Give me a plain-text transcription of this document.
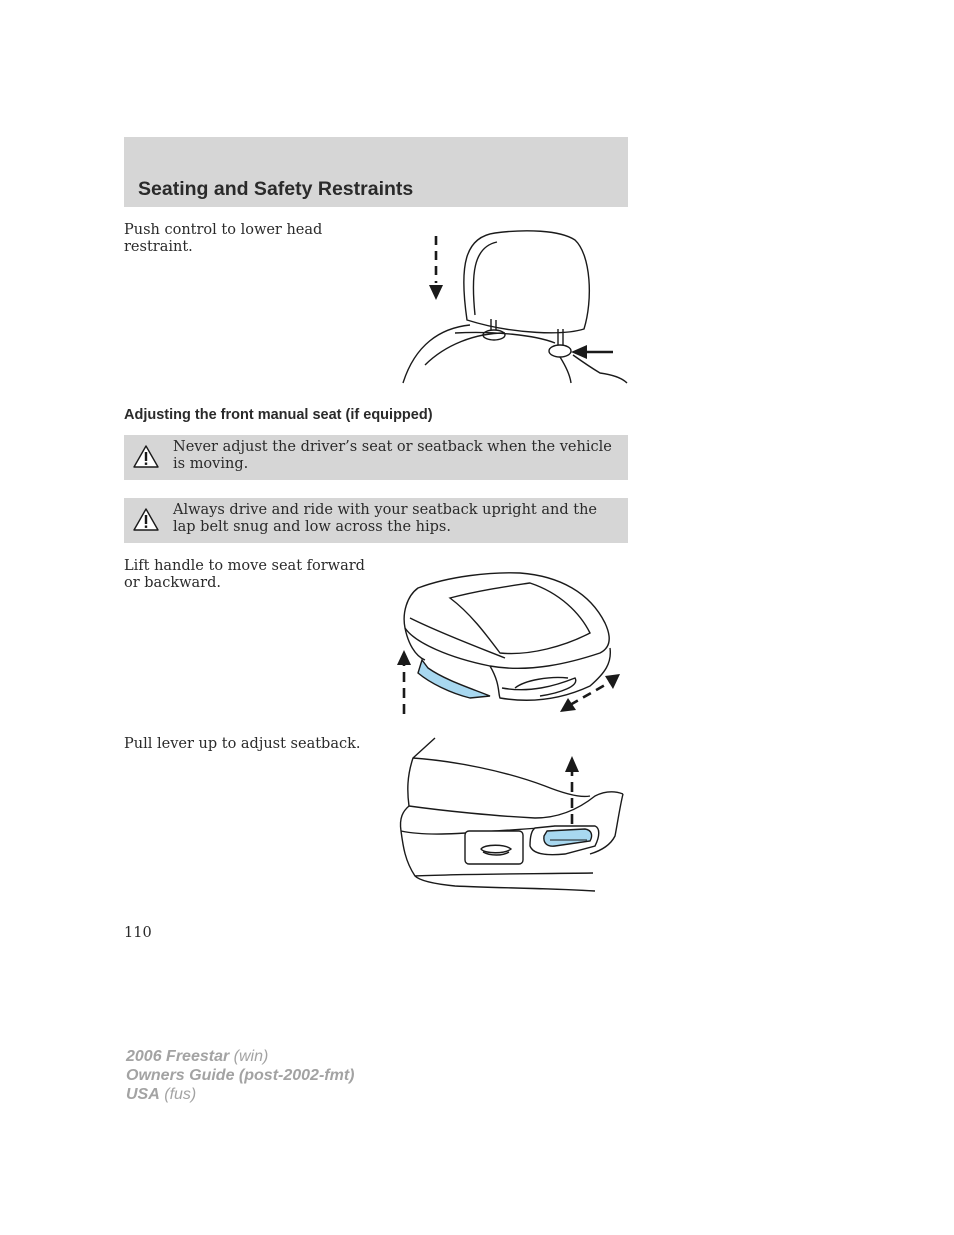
Seating and Safety Restraints
Push control to lower head restraint.
Adjusting the front manual seat (if equipped)
Never adjust the driver’s seat or seatback when the vehicle is moving.
Always drive and ride with your seatback upright and the lap belt snug and low across the hips.
Lift handle to move seat forward or backward.
Pull lever up to adjust seatback.
110
2006 Freestar (win)
Owners Guide (post-2002-fmt)
USA (fus)
